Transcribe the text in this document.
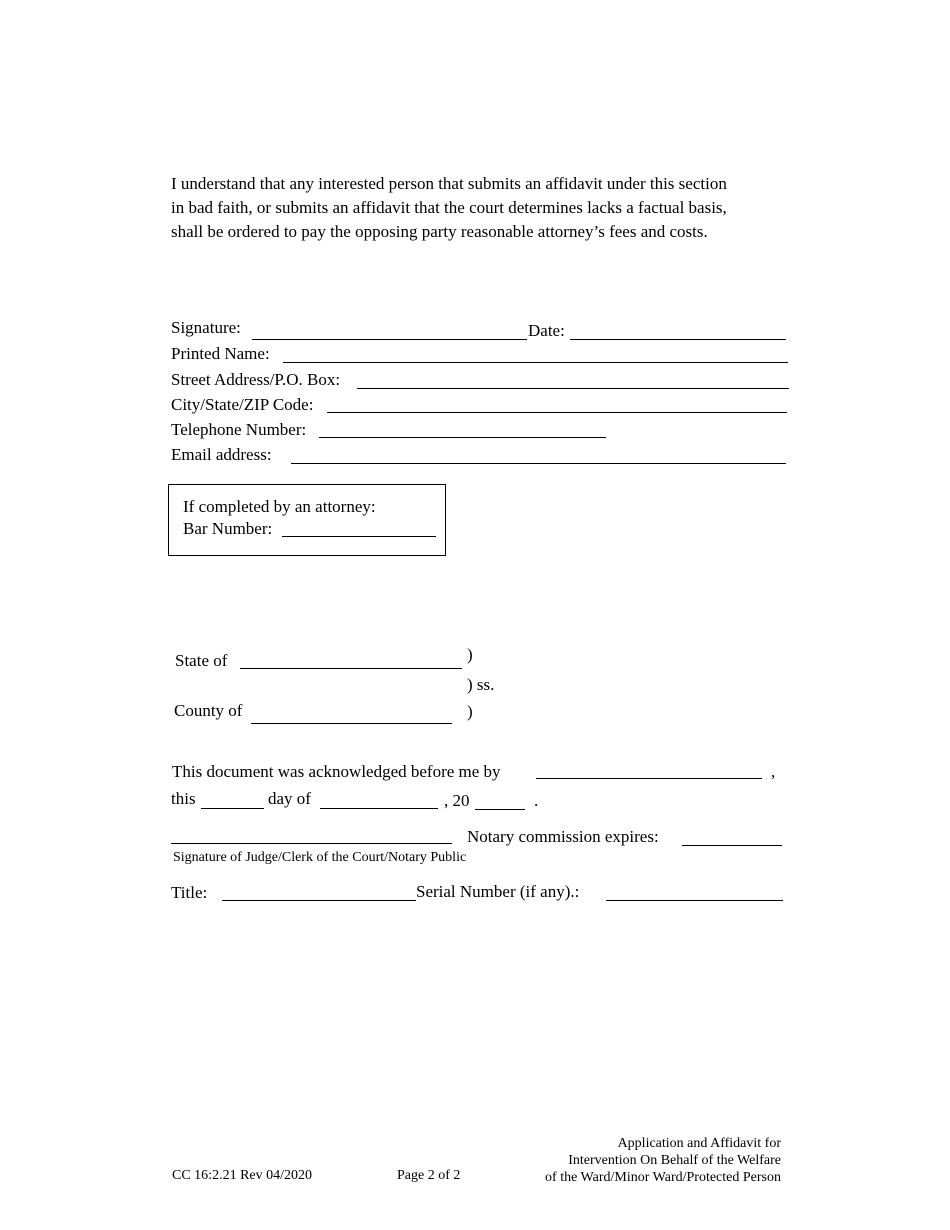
I understand that any interested person that submits an affidavit under this section
in bad faith, or submits an affidavit that the court determines lacks a factual basis,
shall be ordered to pay the opposing party reasonable attorney’s fees and costs.
Signature:	Date:
Printed Name:
Street Address/P.O. Box:
City/State/ZIP Code:
Telephone Number:
Email address:
If completed by an attorney:
Bar Number:
State of	)
) ss.
County of	)
This document was acknowledged before me by	,
this	day of	, 20	.
Notary commission expires:
Signature of Judge/Clerk of the Court/Notary Public
Title:	Serial Number (if any).:
CC 16:2.21 Rev 04/2020	Page 2 of 2
Application and Affidavit for
Intervention On Behalf of the Welfare
of the Ward/Minor Ward/Protected Person
